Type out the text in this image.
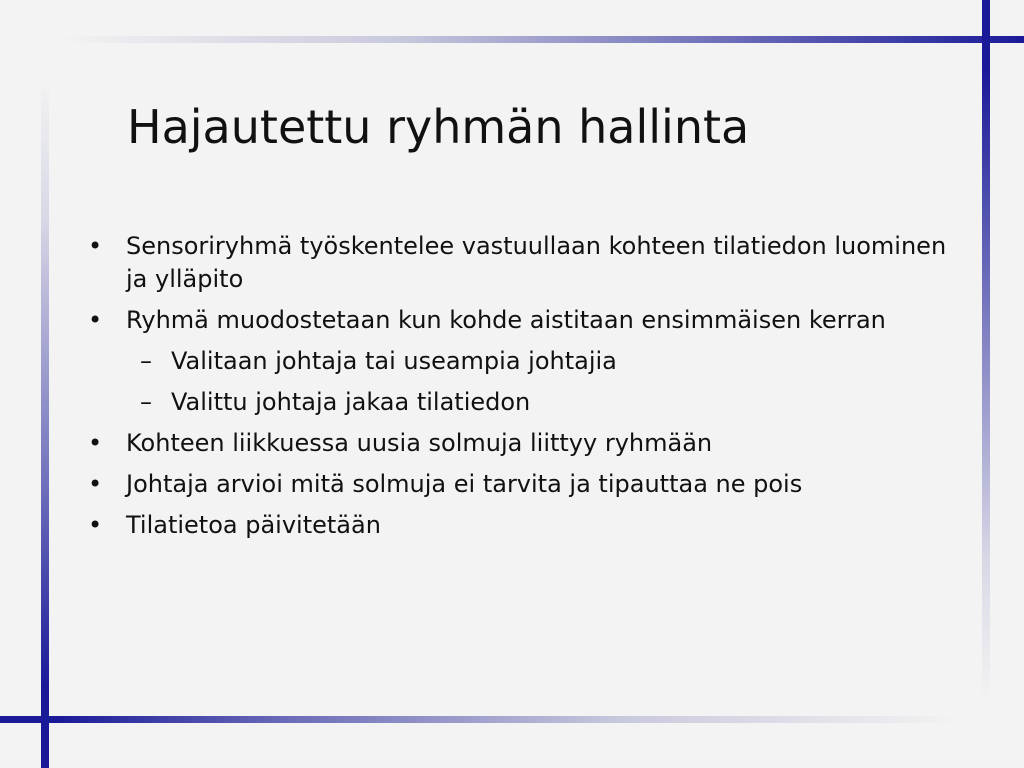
Hajautettu ryhmän hallinta
• Sensoriryhmä työskentelee vastuullaan kohteen tilatiedon luominen ja ylläpito
• Ryhmä muodostetaan kun kohde aistitaan ensimmäisen kerran
– Valitaan johtaja tai useampia johtajia
– Valittu johtaja jakaa tilatiedon
• Kohteen liikkuessa uusia solmuja liittyy ryhmään
• Johtaja arvioi mitä solmuja ei tarvita ja tipauttaa ne pois
• Tilatietoa päivitetään
